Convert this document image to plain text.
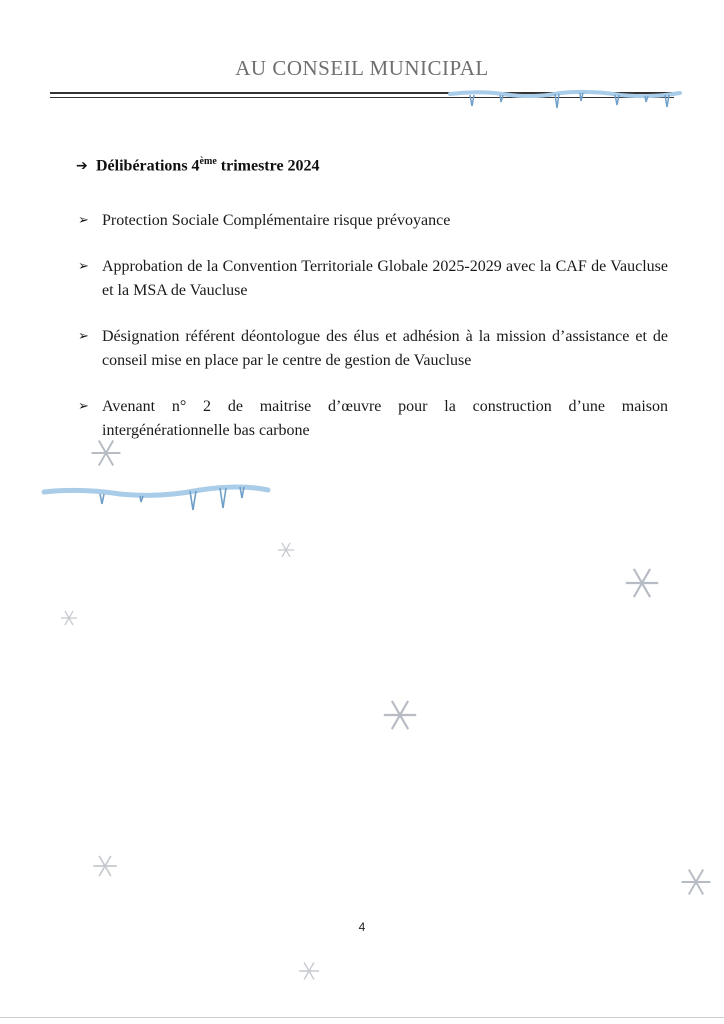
AU CONSEIL MUNICIPAL
➔ Délibérations 4ème trimestre 2024
➢ Protection Sociale Complémentaire risque prévoyance
➢ Approbation de la Convention Territoriale Globale 2025-2029 avec la CAF de Vaucluse et la MSA de Vaucluse
➢ Désignation référent déontologue des élus et adhésion à la mission d’assistance et de conseil mise en place par le centre de gestion de Vaucluse
➢ Avenant n° 2 de maitrise d’œuvre pour la construction d’une maison intergénérationnelle bas carbone
4
